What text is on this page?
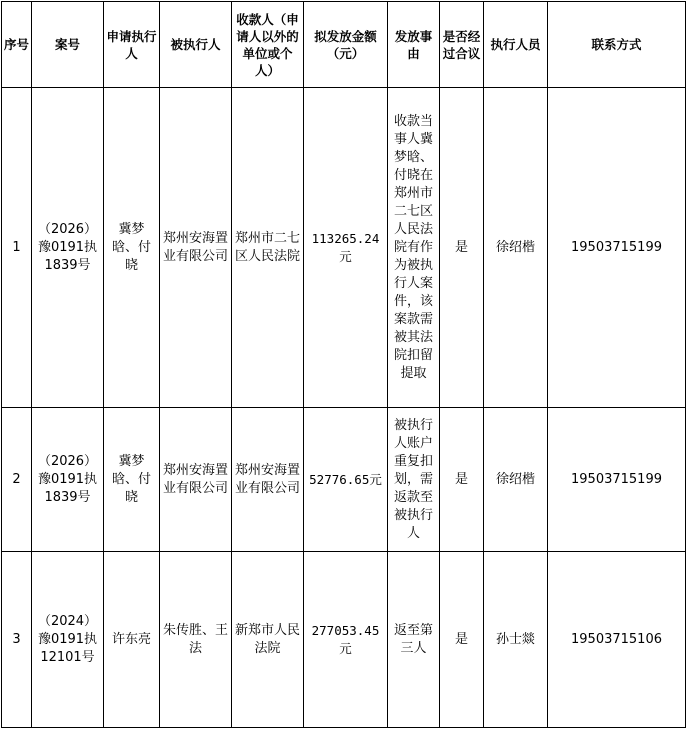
序号	案号	申请执行人	被执行人	收款人（申请人以外的单位或个人）	拟发放金额（元）	发放事由	是否经过合议	执行人员	联系方式
1	（2026）豫0191执1839号	冀梦晗、付晓	郑州安海置业有限公司	郑州市二七区人民法院	113265.24元	收款当事人冀梦晗、付晓在郑州市二七区人民法院有作为被执行人案件，该案款需被其法院扣留提取	是	徐绍楷	19503715199
2	（2026）豫0191执1839号	冀梦晗、付晓	郑州安海置业有限公司	郑州安海置业有限公司	52776.65元	被执行人账户重复扣划，需返款至被执行人	是	徐绍楷	19503715199
3	（2024）豫0191执12101号	许东亮	朱传胜、王法	新郑市人民法院	277053.45元	返至第三人	是	孙士燚	19503715106
